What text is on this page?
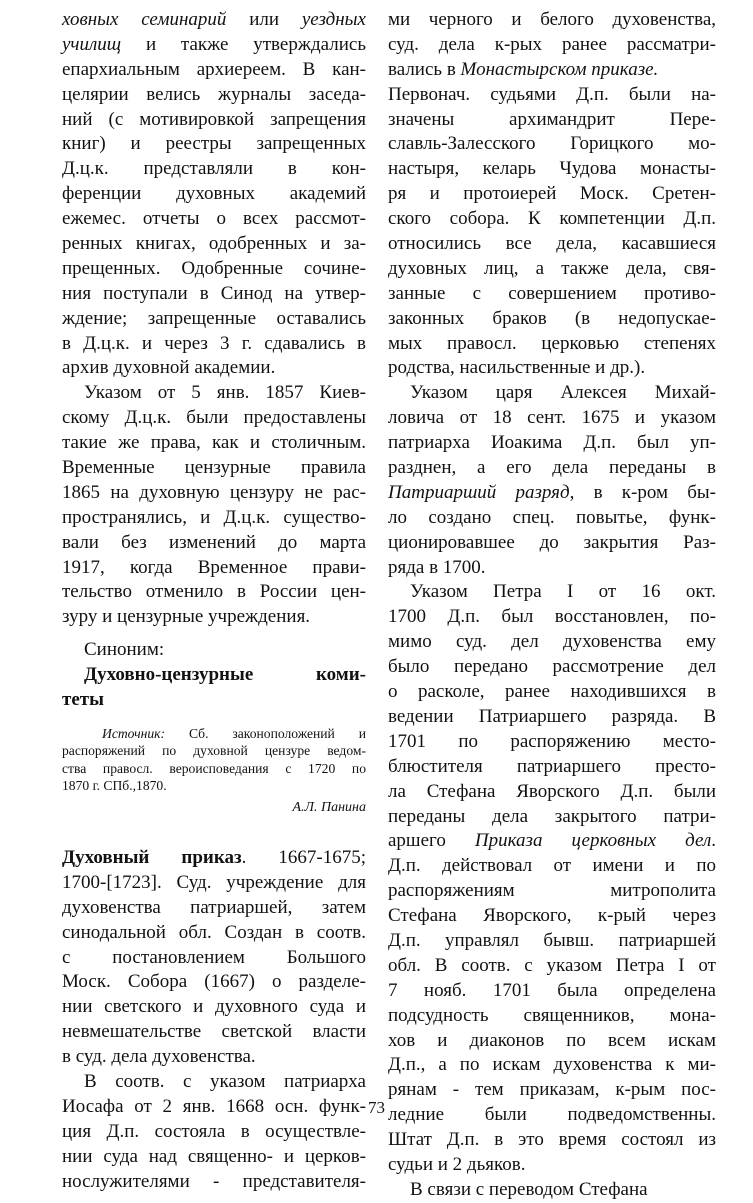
ховных семинарий или уездных
училищ и также утверждались
епархиальным архиереем. В кан-
целярии велись журналы заседа-
ний (с мотивировкой запрещения
книг) и реестры запрещенных
Д.ц.к. представляли в кон-
ференции духовных академий
ежемес. отчеты о всех рассмот-
ренных книгах, одобренных и за-
прещенных. Одобренные сочине-
ния поступали в Синод на утвер-
ждение; запрещенные оставались
в Д.ц.к. и через 3 г. сдавались в
архив духовной академии.
Указом от 5 янв. 1857 Киев-
скому Д.ц.к. были предоставлены
такие же права, как и столичным.
Временные цензурные правила
1865 на духовную цензуру не рас-
пространялись, и Д.ц.к. существо-
вали без изменений до марта
1917, когда Временное прави-
тельство отменило в России цен-
зуру и цензурные учреждения.
Синоним:
Духовно-цензурные коми-
теты
Источник: Сб. законоположений и
распоряжений по духовной цензуре ведом-
ства правосл. вероисповедания с 1720 по
1870 г. СПб.,1870.
А.Л. Панина
Духовный приказ. 1667-1675;
1700-[1723]. Суд. учреждение для
духовенства патриаршей, затем
синодальной обл. Создан в соотв.
с постановлением Большого
Моск. Собора (1667) о разделе-
нии светского и духовного суда и
невмешательстве светской власти
в суд. дела духовенства.
В соотв. с указом патриарха
Иосафа от 2 янв. 1668 осн. функ-
ция Д.п. состояла в осуществле-
нии суда над священно- и церков-
нослужителями - представителя-
ми черного и белого духовенства,
суд. дела к-рых ранее рассматри-
вались в Монастырском приказе.
Первонач. судьями Д.п. были на-
значены архимандрит Пере-
славль-Залесского Горицкого мо-
настыря, келарь Чудова монасты-
ря и протоиерей Моск. Сретен-
ского собора. К компетенции Д.п.
относились все дела, касавшиеся
духовных лиц, а также дела, свя-
занные с совершением противо-
законных браков (в недопускае-
мых правосл. церковью степенях
родства, насильственные и др.).
Указом царя Алексея Михай-
ловича от 18 сент. 1675 и указом
патриарха Иоакима Д.п. был уп-
разднен, а его дела переданы в
Патриарший разряд, в к-ром бы-
ло создано спец. повытье, функ-
ционировавшее до закрытия Раз-
ряда в 1700.
Указом Петра I от 16 окт.
1700 Д.п. был восстановлен, по-
мимо суд. дел духовенства ему
было передано рассмотрение дел
о расколе, ранее находившихся в
ведении Патриаршего разряда. В
1701 по распоряжению место-
блюстителя патриаршего престо-
ла Стефана Яворского Д.п. были
переданы дела закрытого патри-
аршего Приказа церковных дел.
Д.п. действовал от имени и по
распоряжениям митрополита
Стефана Яворского, к-рый через
Д.п. управлял бывш. патриаршей
обл. В соотв. с указом Петра I от
7 нояб. 1701 была определена
подсудность священников, мона-
хов и диаконов по всем искам
Д.п., а по искам духовенства к ми-
рянам - тем приказам, к-рым пос-
ледние были подведомственны.
Штат Д.п. в это время состоял из
судьи и 2 дьяков.
В связи с переводом Стефана
73
